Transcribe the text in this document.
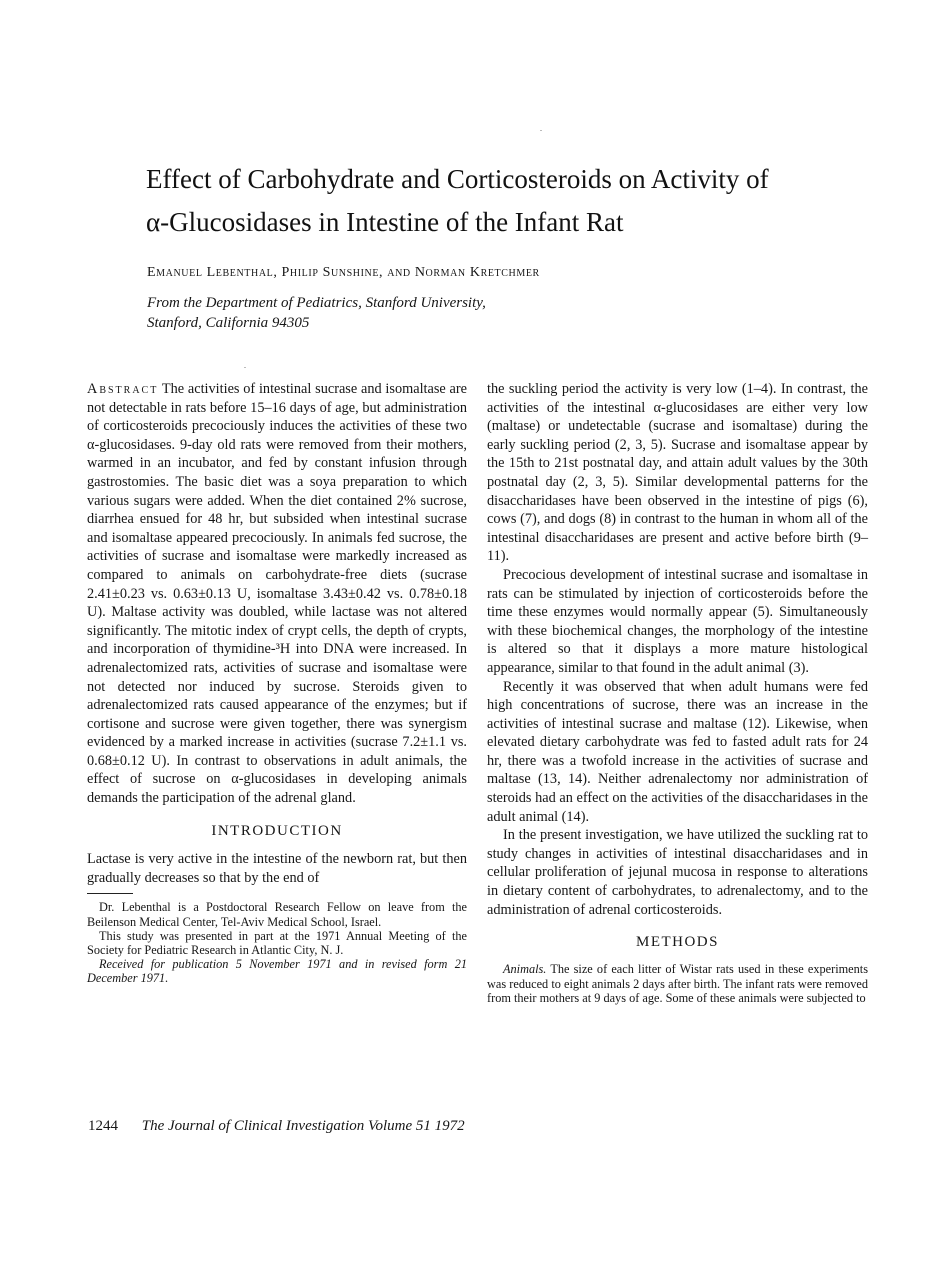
Effect of Carbohydrate and Corticosteroids on Activity of
α-Glucosidases in Intestine of the Infant Rat

Emanuel Lebenthal, Philip Sunshine, and Norman Kretchmer

From the Department of Pediatrics, Stanford University,
Stanford, California 94305

Abstract The activities of intestinal sucrase and isomaltase are not detectable in rats before 15–16 days of age, but administration of corticosteroids precociously induces the activities of these two α-glucosidases. 9-day old rats were removed from their mothers, warmed in an incubator, and fed by constant infusion through gastrostomies. The basic diet was a soya preparation to which various sugars were added. When the diet contained 2% sucrose, diarrhea ensued for 48 hr, but subsided when intestinal sucrase and isomaltase appeared precociously. In animals fed sucrose, the activities of sucrase and isomaltase were markedly increased as compared to animals on carbohydrate-free diets (sucrase 2.41±0.23 vs. 0.63±0.13 U, isomaltase 3.43±0.42 vs. 0.78±0.18 U). Maltase activity was doubled, while lactase was not altered significantly. The mitotic index of crypt cells, the depth of crypts, and incorporation of thymidine-³H into DNA were increased. In adrenalectomized rats, activities of sucrase and isomaltase were not detected nor induced by sucrose. Steroids given to adrenalectomized rats caused appearance of the enzymes; but if cortisone and sucrose were given together, there was synergism evidenced by a marked increase in activities (sucrase 7.2±1.1 vs. 0.68±0.12 U). In contrast to observations in adult animals, the effect of sucrose on α-glucosidases in developing animals demands the participation of the adrenal gland.

INTRODUCTION

Lactase is very active in the intestine of the newborn rat, but then gradually decreases so that by the end of

Dr. Lebenthal is a Postdoctoral Research Fellow on leave from the Beilenson Medical Center, Tel-Aviv Medical School, Israel.

This study was presented in part at the 1971 Annual Meeting of the Society for Pediatric Research in Atlantic City, N. J.

Received for publication 5 November 1971 and in revised form 21 December 1971.

the suckling period the activity is very low (1–4). In contrast, the activities of the intestinal α-glucosidases are either very low (maltase) or undetectable (sucrase and isomaltase) during the early suckling period (2, 3, 5). Sucrase and isomaltase appear by the 15th to 21st postnatal day, and attain adult values by the 30th postnatal day (2, 3, 5). Similar developmental patterns for the disaccharidases have been observed in the intestine of pigs (6), cows (7), and dogs (8) in contrast to the human in whom all of the intestinal disaccharidases are present and active before birth (9–11).

Precocious development of intestinal sucrase and isomaltase in rats can be stimulated by injection of corticosteroids before the time these enzymes would normally appear (5). Simultaneously with these biochemical changes, the morphology of the intestine is altered so that it displays a more mature histological appearance, similar to that found in the adult animal (3).

Recently it was observed that when adult humans were fed high concentrations of sucrose, there was an increase in the activities of intestinal sucrase and maltase (12). Likewise, when elevated dietary carbohydrate was fed to fasted adult rats for 24 hr, there was a twofold increase in the activities of sucrase and maltase (13, 14). Neither adrenalectomy nor administration of steroids had an effect on the activities of the disaccharidases in the adult animal (14).

In the present investigation, we have utilized the suckling rat to study changes in activities of intestinal disaccharidases and in cellular proliferation of jejunal mucosa in response to alterations in dietary content of carbohydrates, to adrenalectomy, and to the administration of adrenal corticosteroids.

METHODS

Animals. The size of each litter of Wistar rats used in these experiments was reduced to eight animals 2 days after birth. The infant rats were removed from their mothers at 9 days of age. Some of these animals were subjected to

1244 The Journal of Clinical Investigation Volume 51 1972
